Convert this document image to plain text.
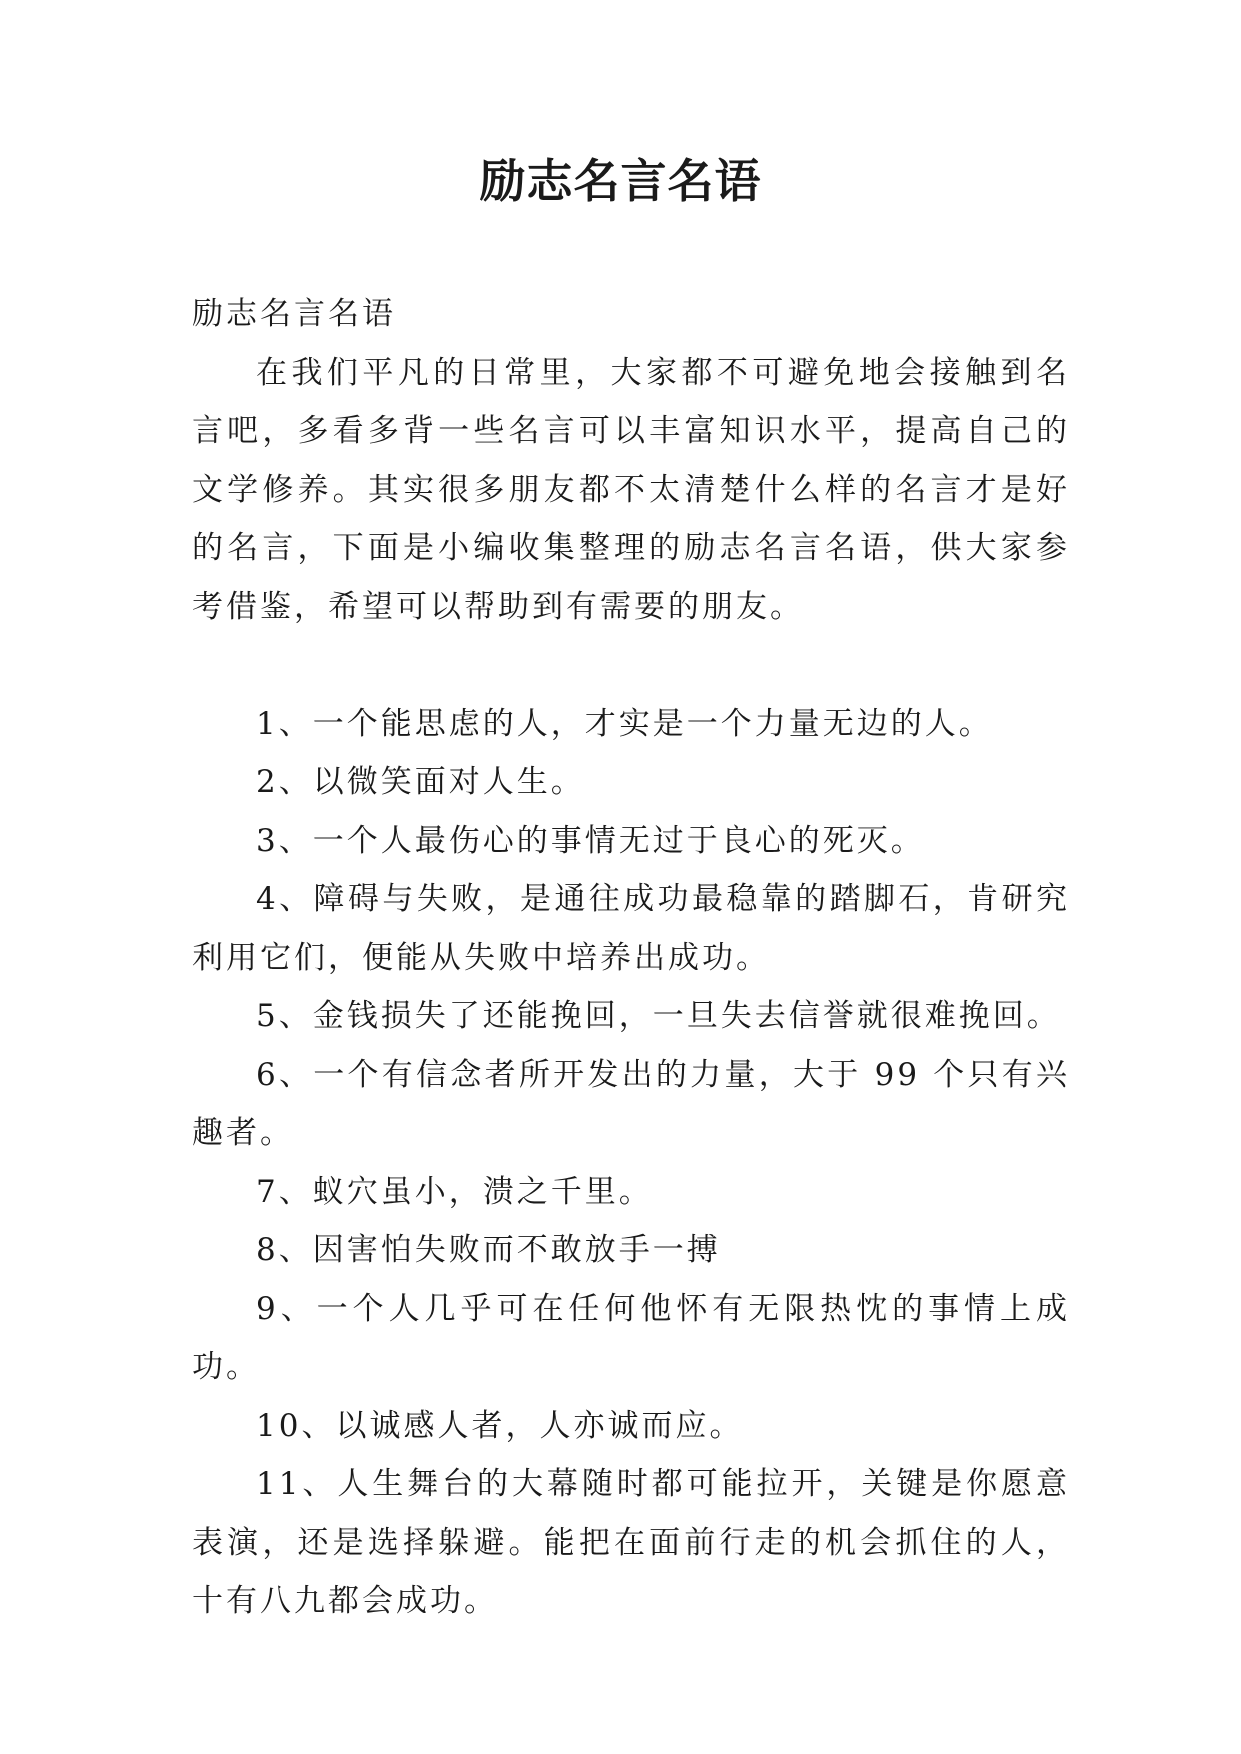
励志名言名语

励志名言名语

在我们平凡的日常里，大家都不可避免地会接触到名言吧，多看多背一些名言可以丰富知识水平，提高自己的文学修养。其实很多朋友都不太清楚什么样的名言才是好的名言，下面是小编收集整理的励志名言名语，供大家参考借鉴，希望可以帮助到有需要的朋友。

1、一个能思虑的人，才实是一个力量无边的人。

2、以微笑面对人生。

3、一个人最伤心的事情无过于良心的死灭。

4、障碍与失败，是通往成功最稳靠的踏脚石，肯研究利用它们，便能从失败中培养出成功。

5、金钱损失了还能挽回，一旦失去信誉就很难挽回。

6、一个有信念者所开发出的力量，大于 99 个只有兴趣者。

7、蚁穴虽小，溃之千里。

8、因害怕失败而不敢放手一搏

9、一个人几乎可在任何他怀有无限热忱的事情上成功。

10、以诚感人者，人亦诚而应。

11、人生舞台的大幕随时都可能拉开，关键是你愿意表演，还是选择躲避。能把在面前行走的机会抓住的人，十有八九都会成功。
